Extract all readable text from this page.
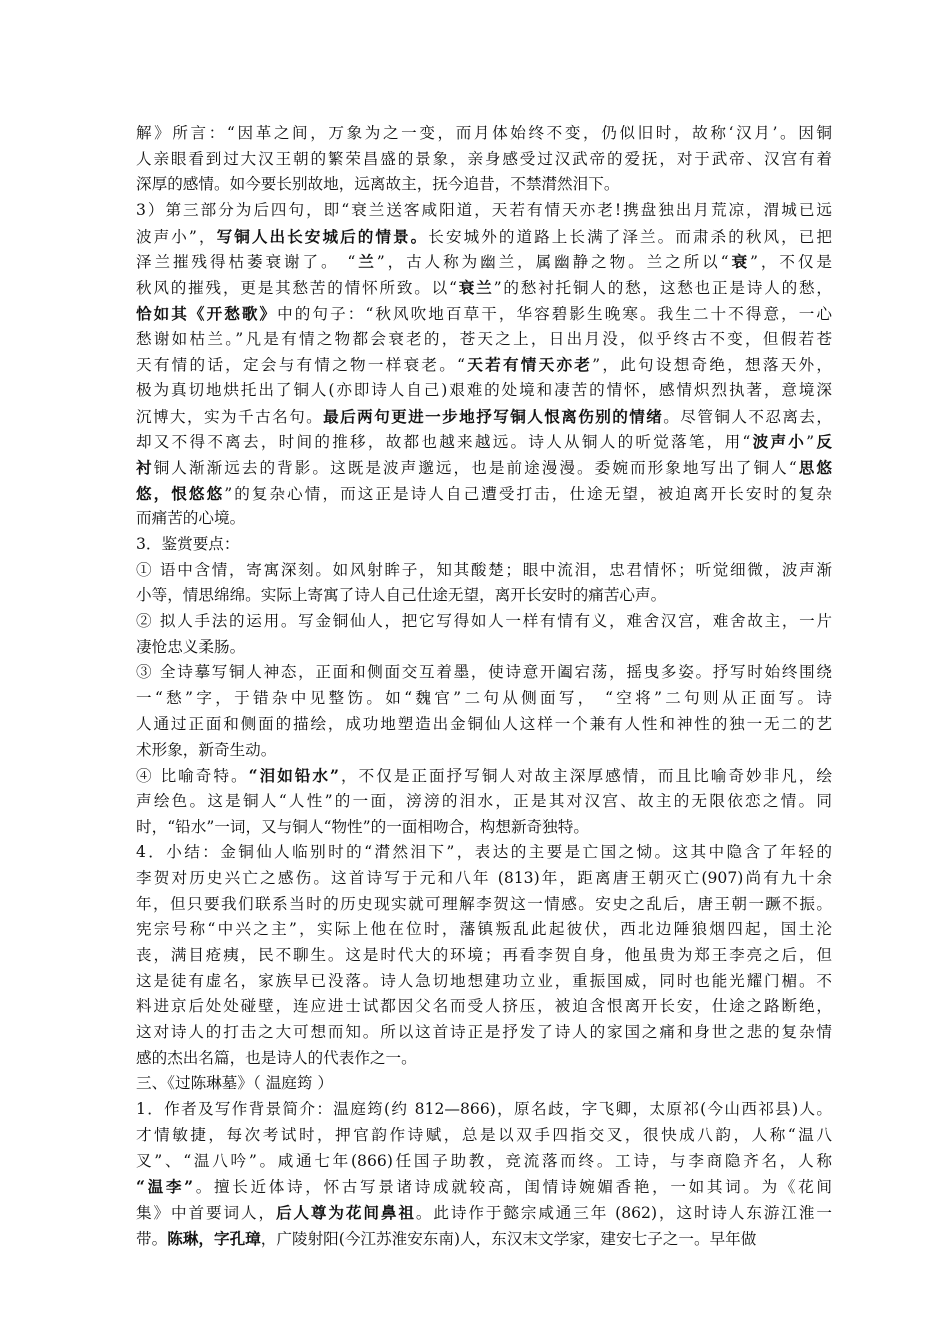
解》所言：“因革之间，万象为之一变，而月体始终不变，仍似旧时，故称‘汉月’。因铜
人亲眼看到过大汉王朝的繁荣昌盛的景象，亲身感受过汉武帝的爱抚，对于武帝、汉宫有着
深厚的感情。如今要长别故地，远离故主，抚今追昔，不禁潸然泪下。
3）第三部分为后四句，即“衰兰送客咸阳道，天若有情天亦老!携盘独出月荒凉，渭城已远
波声小”，写铜人出长安城后的情景。长安城外的道路上长满了泽兰。而肃杀的秋风，已把
泽兰摧残得枯萎衰谢了。 “兰”，古人称为幽兰，属幽静之物。兰之所以“衰”，不仅是
秋风的摧残，更是其愁苦的情怀所致。以“衰兰”的愁衬托铜人的愁，这愁也正是诗人的愁，
恰如其《开愁歌》中的句子：“秋风吹地百草干，华容碧影生晚寒。我生二十不得意，一心
愁谢如枯兰。”凡是有情之物都会衰老的，苍天之上，日出月没，似乎终古不变，但假若苍
天有情的话，定会与有情之物一样衰老。“天若有情天亦老”，此句设想奇绝，想落天外，
极为真切地烘托出了铜人(亦即诗人自己)艰难的处境和凄苦的情怀，感情炽烈执著，意境深
沉博大，实为千古名句。最后两句更进一步地抒写铜人恨离伤别的情绪。尽管铜人不忍离去，
却又不得不离去，时间的推移，故都也越来越远。诗人从铜人的听觉落笔，用“波声小”反
衬铜人渐渐远去的背影。这既是波声邈远，也是前途漫漫。委婉而形象地写出了铜人“思悠
悠，恨悠悠”的复杂心情，而这正是诗人自己遭受打击，仕途无望，被迫离开长安时的复杂
而痛苦的心境。
3．鉴赏要点：
① 语中含情，寄寓深刻。如风射眸子，知其酸楚；眼中流泪，忠君情怀；听觉细微，波声渐
小等，情思绵绵。实际上寄寓了诗人自己仕途无望，离开长安时的痛苦心声。
② 拟人手法的运用。写金铜仙人，把它写得如人一样有情有义，难舍汉宫，难舍故主，一片
凄怆忠义柔肠。
③ 全诗摹写铜人神态，正面和侧面交互着墨，使诗意开阖宕荡，摇曳多姿。抒写时始终围绕
一“愁”字，于错杂中见整饬。如“魏官”二句从侧面写， “空将”二句则从正面写。诗
人通过正面和侧面的描绘，成功地塑造出金铜仙人这样一个兼有人性和神性的独一无二的艺
术形象，新奇生动。
④ 比喻奇特。“泪如铅水”，不仅是正面抒写铜人对故主深厚感情，而且比喻奇妙非凡，绘
声绘色。这是铜人“人性”的一面，滂滂的泪水，正是其对汉宫、故主的无限依恋之情。同
时，“铅水”一词，又与铜人“物性”的一面相吻合，构想新奇独特。
4．小结：金铜仙人临别时的“潸然泪下”，表达的主要是亡国之恸。这其中隐含了年轻的
李贺对历史兴亡之感伤。这首诗写于元和八年 (813)年，距离唐王朝灭亡(907)尚有九十余
年，但只要我们联系当时的历史现实就可理解李贺这一情感。安史之乱后，唐王朝一蹶不振。
宪宗号称“中兴之主”，实际上他在位时，藩镇叛乱此起彼伏，西北边陲狼烟四起，国土沦
丧，满目疮痍，民不聊生。这是时代大的环境；再看李贺自身，他虽贵为郑王李亮之后，但
这是徒有虚名，家族早已没落。诗人急切地想建功立业，重振国威，同时也能光耀门楣。不
料进京后处处碰壁，连应进士试都因父名而受人挤压，被迫含恨离开长安，仕途之路断绝，
这对诗人的打击之大可想而知。所以这首诗正是抒发了诗人的家国之痛和身世之悲的复杂情
感的杰出名篇，也是诗人的代表作之一。
三、《过陈琳墓》（ 温庭筠 ）
1．作者及写作背景简介：温庭筠(约 812—866)，原名歧，字飞卿，太原祁(今山西祁县)人。
才情敏捷，每次考试时，押官韵作诗赋，总是以双手四指交叉，很快成八韵，人称“温八
叉”、“温八吟”。咸通七年(866)任国子助教，竞流落而终。工诗，与李商隐齐名，人称
“温李”。擅长近体诗，怀古写景诸诗成就较高，闺情诗婉媚香艳，一如其词。为《花间
集》中首要词人，后人尊为花间鼻祖。此诗作于懿宗咸通三年 (862)，这时诗人东游江淮一
带。陈琳，字孔璋，广陵射阳(今江苏淮安东南)人，东汉末文学家，建安七子之一。早年做
